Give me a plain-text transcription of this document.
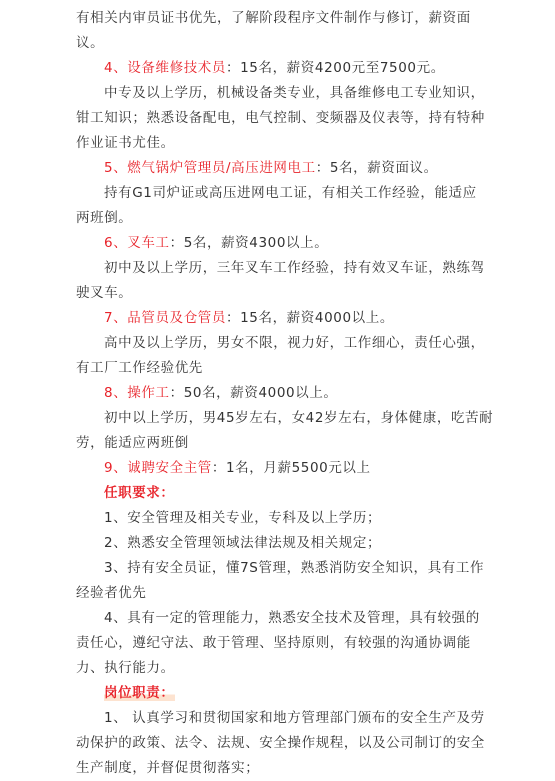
有相关内审员证书优先，了解阶段程序文件制作与修订，薪资面

议。

4、设备维修技术员：15名，薪资4200元至7500元。

中专及以上学历，机械设备类专业，具备维修电工专业知识，

钳工知识；熟悉设备配电，电气控制、变频器及仪表等，持有特种

作业证书尤佳。

5、燃气锅炉管理员/高压进网电工：5名，薪资面议。

持有G1司炉证或高压进网电工证，有相关工作经验，能适应

两班倒。

6、叉车工：5名，薪资4300以上。

初中及以上学历，三年叉车工作经验，持有效叉车证，熟练驾

驶叉车。

7、品管员及仓管员：15名，薪资4000以上。

高中及以上学历，男女不限，视力好，工作细心，责任心强，

有工厂工作经验优先

8、操作工：50名，薪资4000以上。

初中以上学历，男45岁左右，女42岁左右，身体健康，吃苦耐

劳，能适应两班倒

9、诚聘安全主管：1名，月薪5500元以上

任职要求：

1、安全管理及相关专业，专科及以上学历；

2、熟悉安全管理领域法律法规及相关规定；

3、持有安全员证，懂7S管理，熟悉消防安全知识，具有工作

经验者优先

4、具有一定的管理能力，熟悉安全技术及管理，具有较强的

责任心，遵纪守法、敢于管理、坚持原则，有较强的沟通协调能

力、执行能力。

岗位职责：

1、 认真学习和贯彻国家和地方管理部门颁布的安全生产及劳

动保护的政策、法令、法规、安全操作规程，以及公司制订的安全

生产制度，并督促贯彻落实；
